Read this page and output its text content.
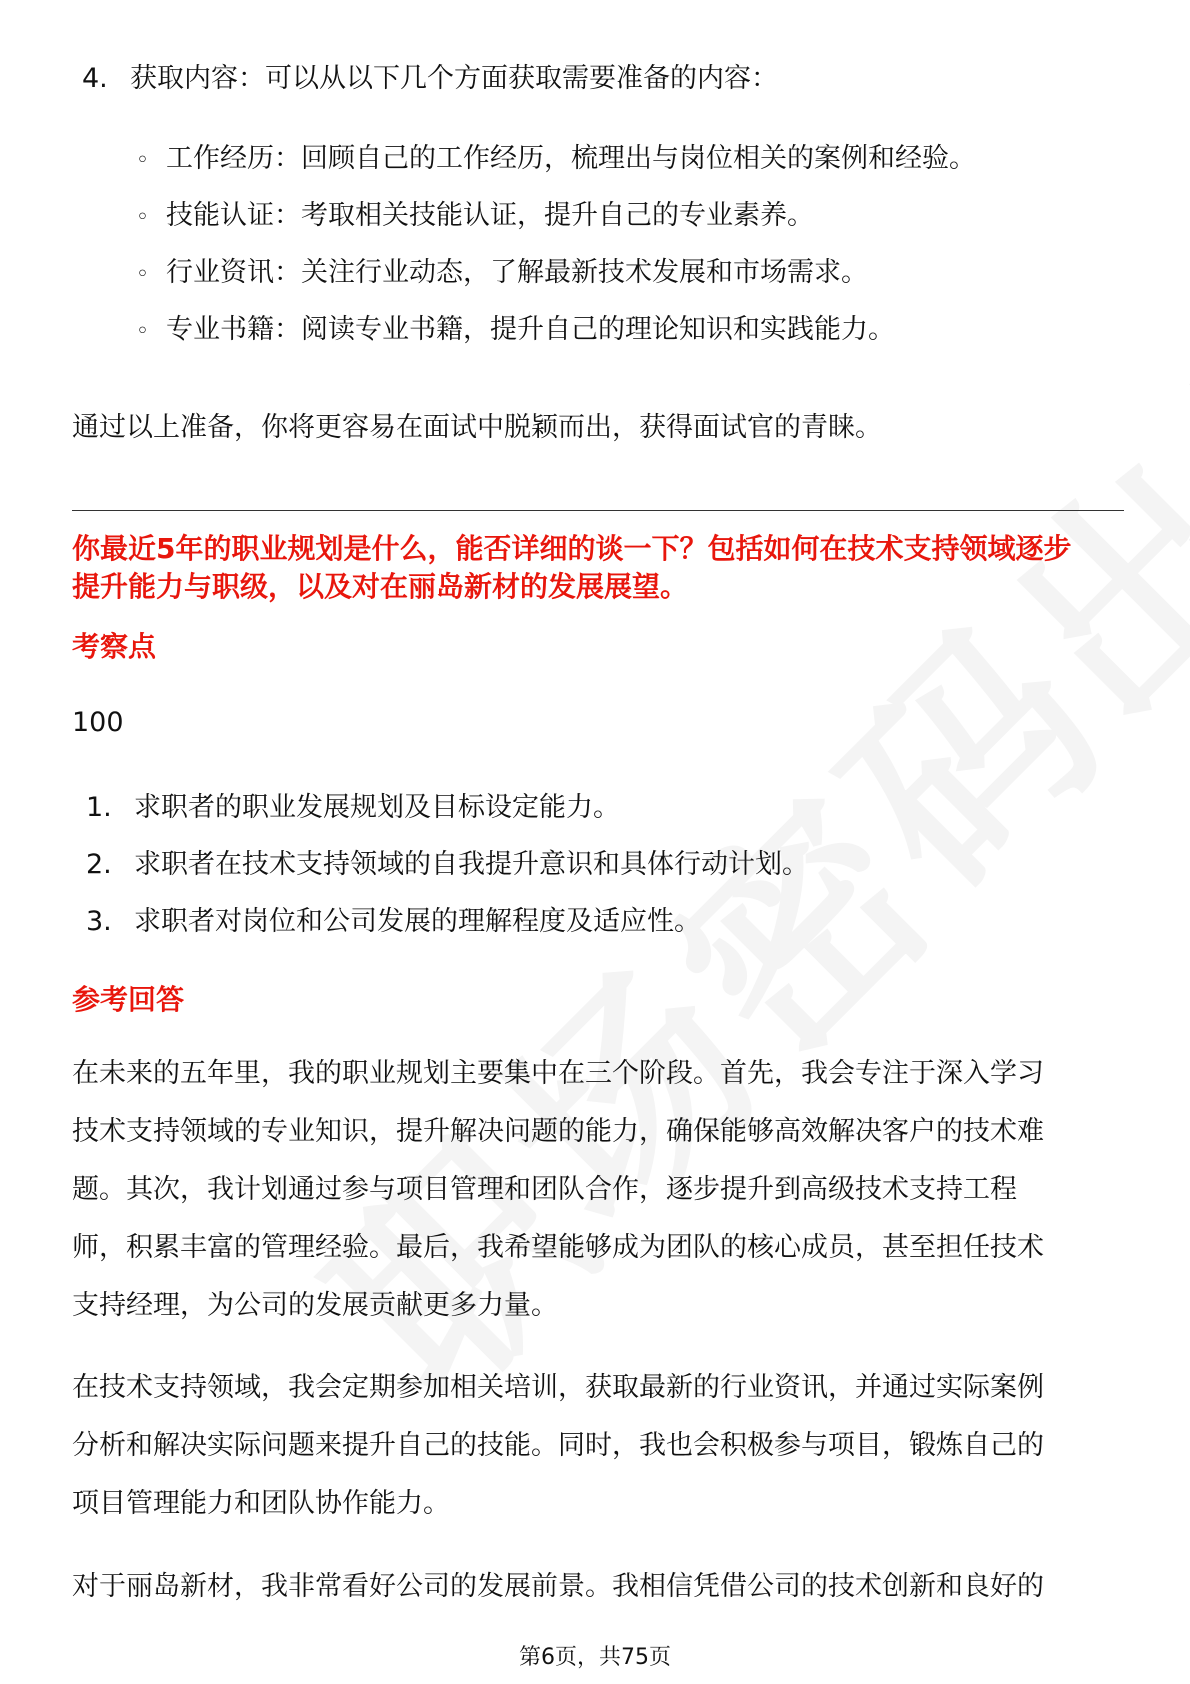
4. 获取内容：可以从以下几个方面获取需要准备的内容：
◦ 工作经历：回顾自己的工作经历，梳理出与岗位相关的案例和经验。
◦ 技能认证：考取相关技能认证，提升自己的专业素养。
◦ 行业资讯：关注行业动态，了解最新技术发展和市场需求。
◦ 专业书籍：阅读专业书籍，提升自己的理论知识和实践能力。
通过以上准备，你将更容易在面试中脱颖而出，获得面试官的青睐。
你最近5年的职业规划是什么，能否详细的谈一下？包括如何在技术支持领域逐步
提升能力与职级，以及对在丽岛新材的发展展望。
考察点
100
1. 求职者的职业发展规划及目标设定能力。
2. 求职者在技术支持领域的自我提升意识和具体行动计划。
3. 求职者对岗位和公司发展的理解程度及适应性。
参考回答
在未来的五年里，我的职业规划主要集中在三个阶段。首先，我会专注于深入学习
技术支持领域的专业知识，提升解决问题的能力，确保能够高效解决客户的技术难
题。其次，我计划通过参与项目管理和团队合作，逐步提升到高级技术支持工程
师，积累丰富的管理经验。最后，我希望能够成为团队的核心成员，甚至担任技术
支持经理，为公司的发展贡献更多力量。
在技术支持领域，我会定期参加相关培训，获取最新的行业资讯，并通过实际案例
分析和解决实际问题来提升自己的技能。同时，我也会积极参与项目，锻炼自己的
项目管理能力和团队协作能力。
对于丽岛新材，我非常看好公司的发展前景。我相信凭借公司的技术创新和良好的
第6页，共75页
